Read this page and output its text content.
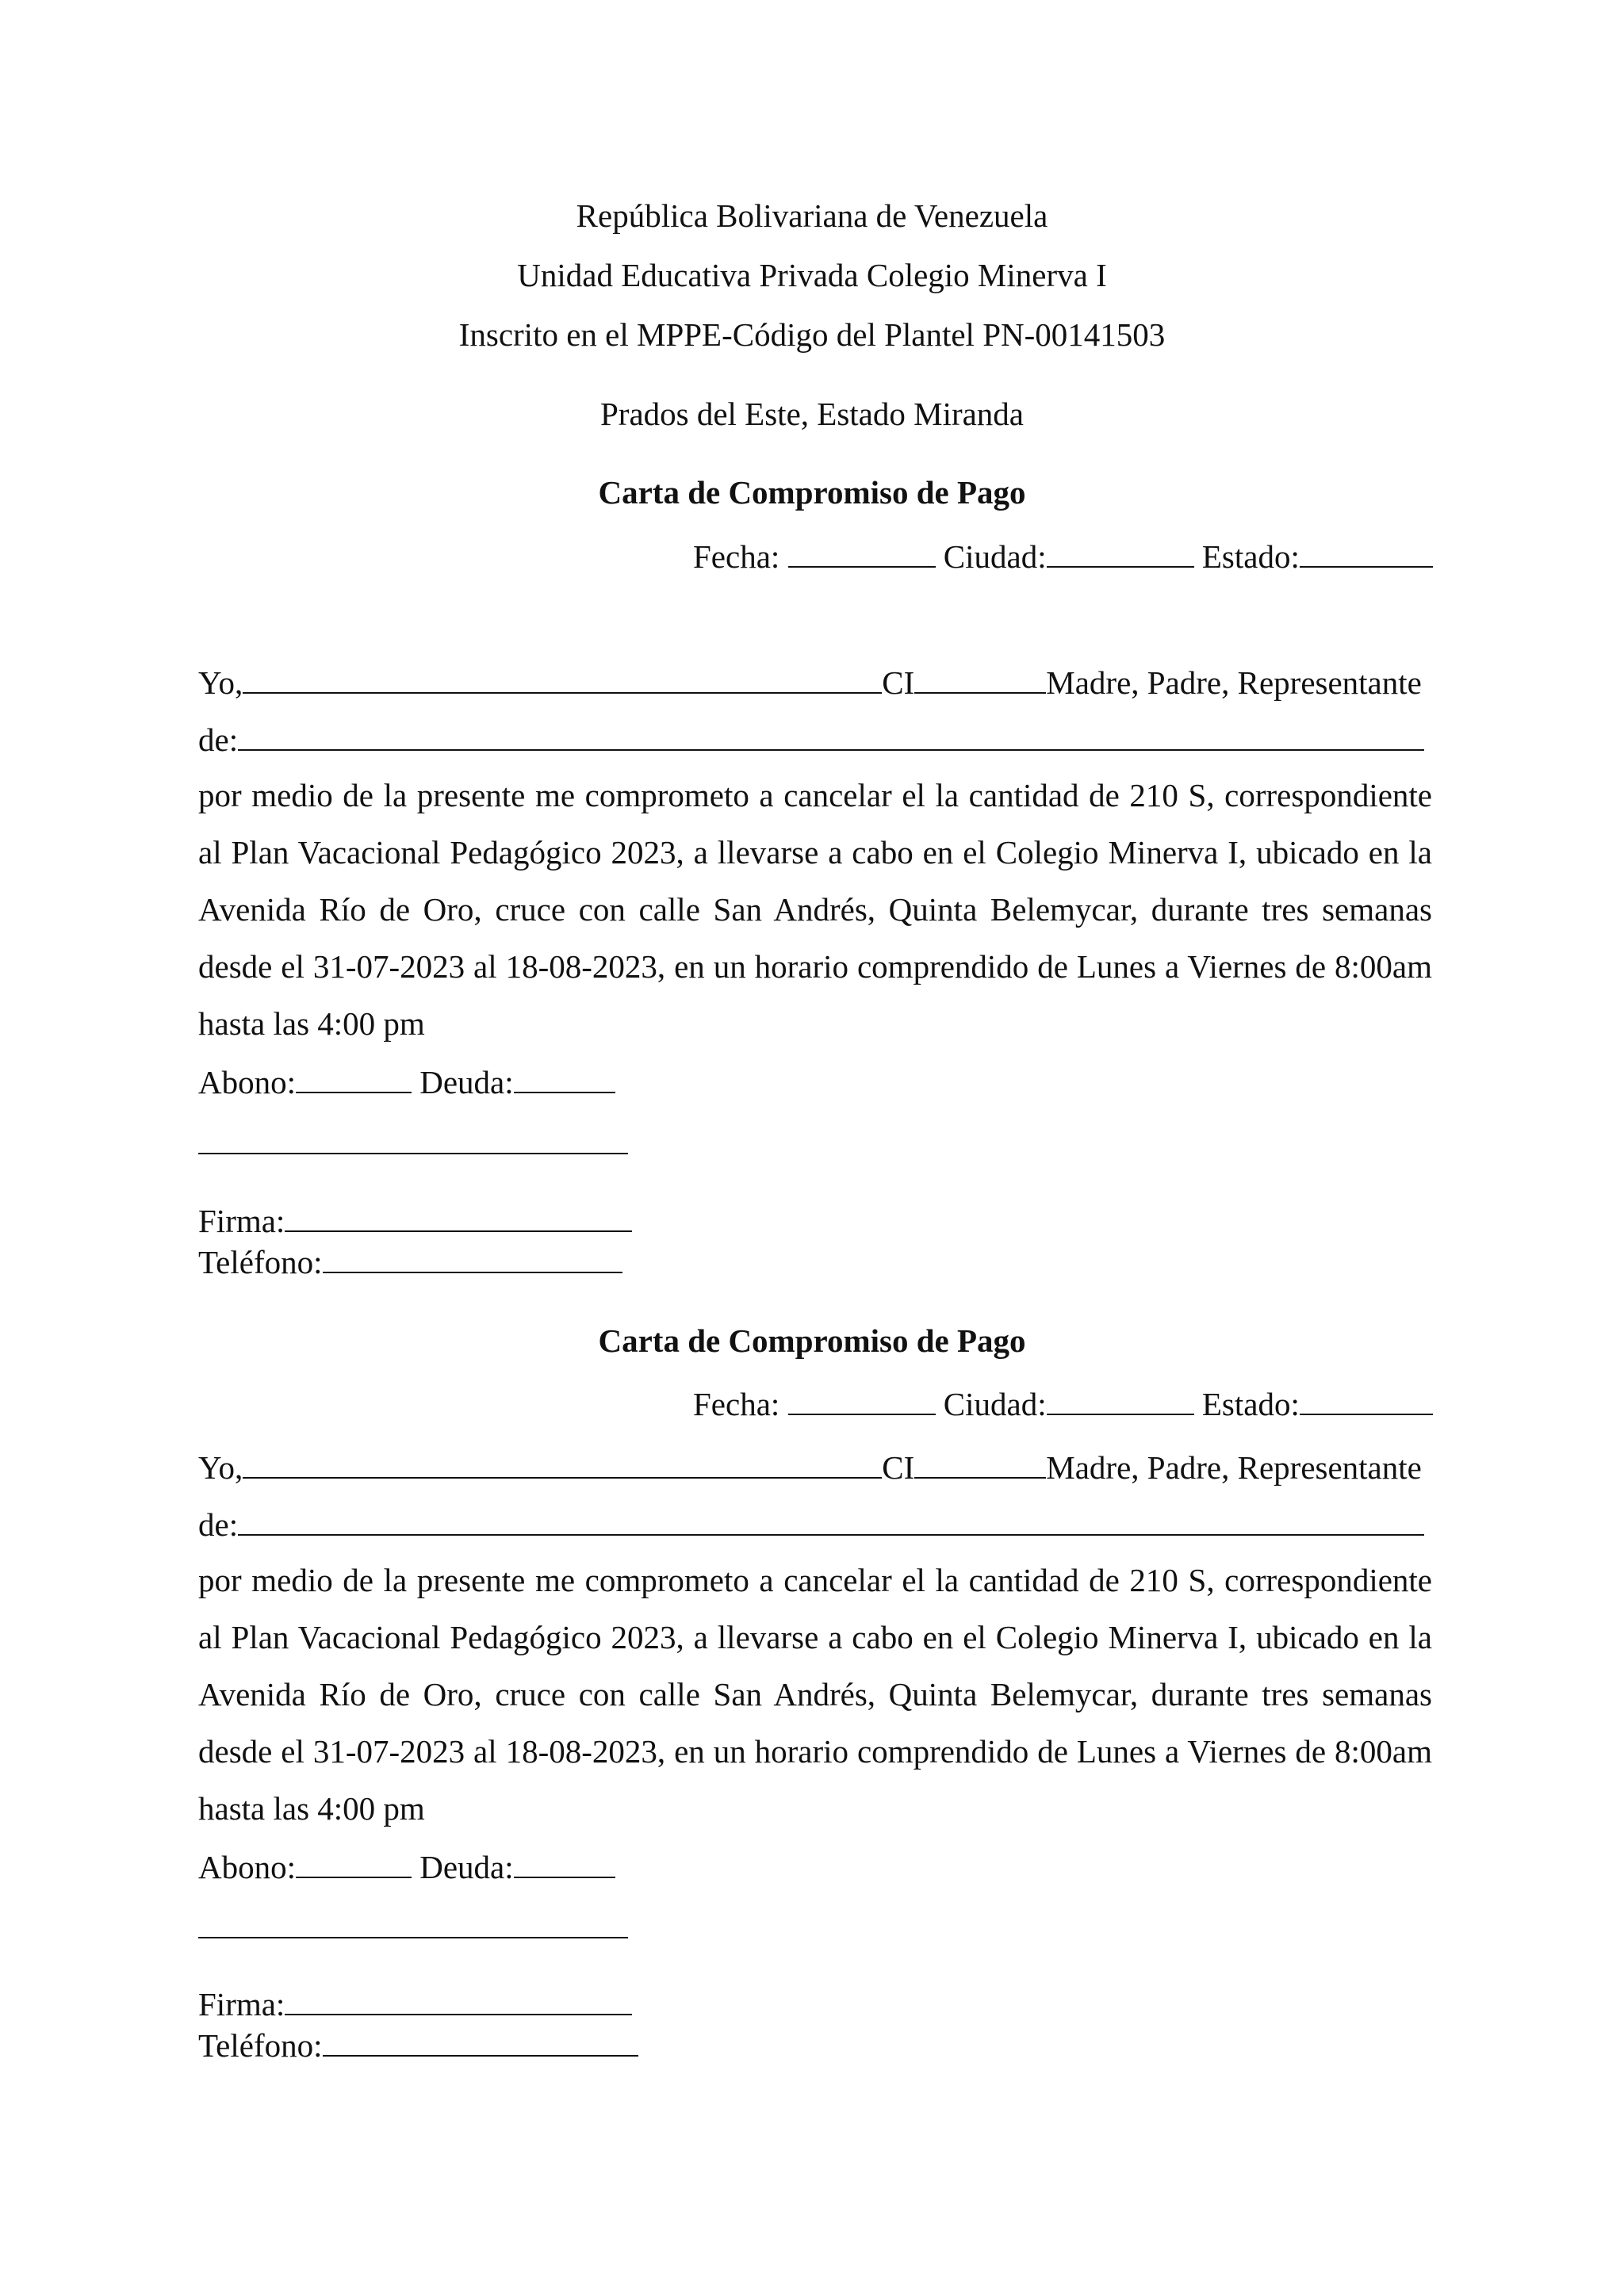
República Bolivariana de Venezuela
Unidad Educativa Privada Colegio Minerva I
Inscrito en el MPPE-Código del Plantel PN-00141503
Prados del Este, Estado Miranda
Carta de Compromiso de Pago
Fecha:	Ciudad:	Estado:
Yo,	CI	Madre, Padre, Representante
de:
por medio de la presente me comprometo a cancelar el la cantidad de 210 S, correspondiente
al Plan Vacacional Pedagógico 2023, a llevarse a cabo en el Colegio Minerva I, ubicado en la
Avenida Río de Oro, cruce con calle San Andrés, Quinta Belemycar, durante tres semanas
desde el 31-07-2023 al 18-08-2023, en un horario comprendido de Lunes a Viernes de 8:00am
hasta las 4:00 pm
Abono:	Deuda:
Firma:
Teléfono:
Carta de Compromiso de Pago
Fecha:	Ciudad:	Estado:
Yo,	CI	Madre, Padre, Representante
de:
por medio de la presente me comprometo a cancelar el la cantidad de 210 S, correspondiente
al Plan Vacacional Pedagógico 2023, a llevarse a cabo en el Colegio Minerva I, ubicado en la
Avenida Río de Oro, cruce con calle San Andrés, Quinta Belemycar, durante tres semanas
desde el 31-07-2023 al 18-08-2023, en un horario comprendido de Lunes a Viernes de 8:00am
hasta las 4:00 pm
Abono:	Deuda:
Firma:
Teléfono:
